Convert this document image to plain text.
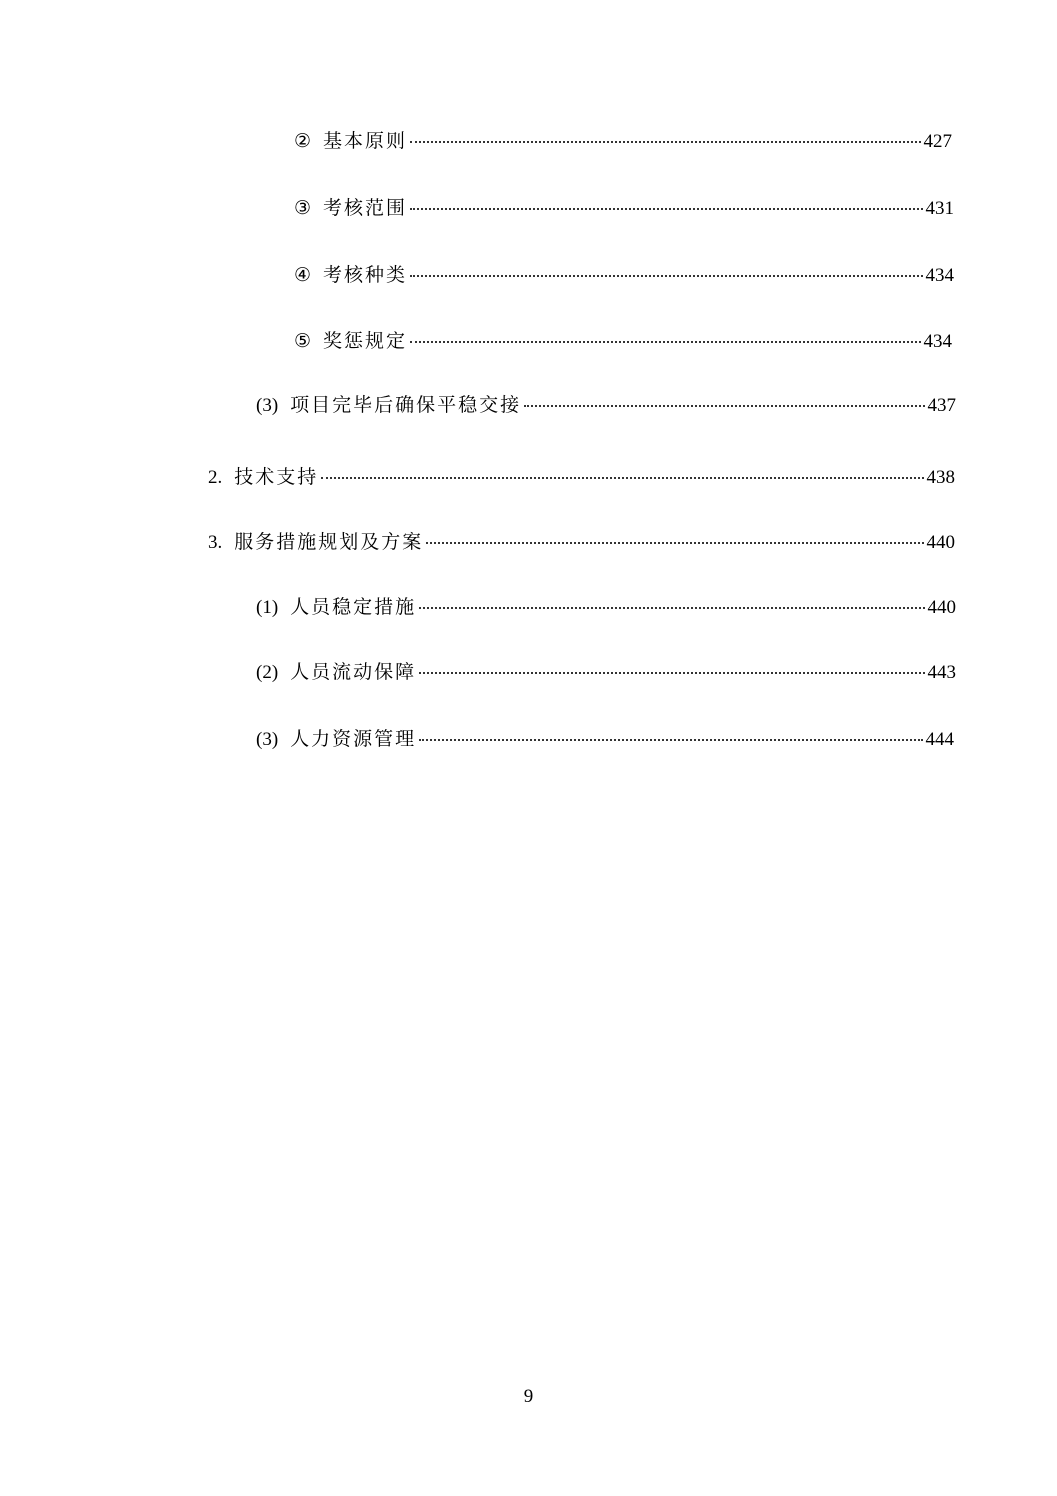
② 基本原则	427
③ 考核范围	431
④ 考核种类	434
⑤ 奖惩规定	434
(3) 项目完毕后确保平稳交接	437
2. 技术支持	438
3. 服务措施规划及方案	440
(1) 人员稳定措施	440
(2) 人员流动保障	443
(3) 人力资源管理	444
9
